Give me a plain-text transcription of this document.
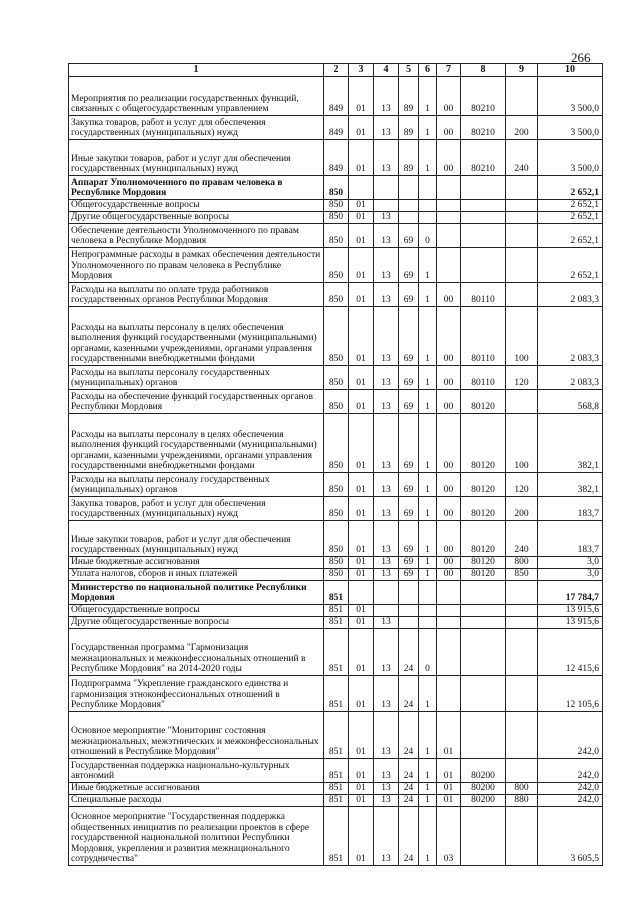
266
1	2	3	4	5	6	7	8	9	10
Мероприятия по реализации государственных функций, связанных с общегосударственным управлением	849	01	13	89	1	00	80210		3 500,0
Закупка товаров, работ и услуг для обеспечения государственных (муниципальных) нужд	849	01	13	89	1	00	80210	200	3 500,0
Иные закупки товаров, работ и услуг для обеспечения государственных (муниципальных) нужд	849	01	13	89	1	00	80210	240	3 500,0
Аппарат Уполномоченного по правам человека в Республике Мордовия	850								2 652,1
Общегосударственные вопросы	850	01							2 652,1
Другие общегосударственные вопросы	850	01	13						2 652,1
Обеспечение деятельности Уполномоченного по правам человека в Республике Мордовия	850	01	13	69	0				2 652,1
Непрограммные расходы в рамках обеспечения деятельности Уполномоченного по правам человека в Республике Мордовия	850	01	13	69	1				2 652,1
Расходы на выплаты по оплате труда работников государственных органов Республики Мордовия	850	01	13	69	1	00	80110		2 083,3
Расходы на выплаты персоналу в целях обеспечения выполнения функций государственными (муниципальными) органами, казенными учреждениями, органами управления государственными внебюджетными фондами	850	01	13	69	1	00	80110	100	2 083,3
Расходы на выплаты персоналу государственных (муниципальных) органов	850	01	13	69	1	00	80110	120	2 083,3
Расходы на обеспечение функций государственных органов Республики Мордовия	850	01	13	69	1	00	80120		568,8
Расходы на выплаты персоналу в целях обеспечения выполнения функций государственными (муниципальными) органами, казенными учреждениями, органами управления государственными внебюджетными фондами	850	01	13	69	1	00	80120	100	382,1
Расходы на выплаты персоналу государственных (муниципальных) органов	850	01	13	69	1	00	80120	120	382,1
Закупка товаров, работ и услуг для обеспечения государственных (муниципальных) нужд	850	01	13	69	1	00	80120	200	183,7
Иные закупки товаров, работ и услуг для обеспечения государственных (муниципальных) нужд	850	01	13	69	1	00	80120	240	183,7
Иные бюджетные ассигнования	850	01	13	69	1	00	80120	800	3,0
Уплата налогов, сборов и иных платежей	850	01	13	69	1	00	80120	850	3,0
Министерство по национальной политике Республики Мордовия	851								17 784,7
Общегосударственные вопросы	851	01							13 915,6
Другие общегосударственные вопросы	851	01	13						13 915,6
Государственная программа "Гармонизация межнациональных и межконфессиональных отношений в Республике Мордовия" на 2014-2020 годы	851	01	13	24	0				12 415,6
Подпрограмма "Укрепление гражданского единства и гармонизация этноконфессиональных отношений в Республике Мордовия"	851	01	13	24	1				12 105,6
Основное мероприятие "Мониторинг состояния межнациональных, межэтнических и межконфессиональных отношений в Республике Мордовия"	851	01	13	24	1	01			242,0
Государственная поддержка национально-культурных автономий	851	01	13	24	1	01	80200		242,0
Иные бюджетные ассигнования	851	01	13	24	1	01	80200	800	242,0
Специальные расходы	851	01	13	24	1	01	80200	880	242,0
Основное мероприятие "Государственная поддержка общественных инициатив по реализации проектов в сфере государственной национальной политики Республики Мордовия, укрепления и развития межнационального сотрудничества"	851	01	13	24	1	03			3 605,5
